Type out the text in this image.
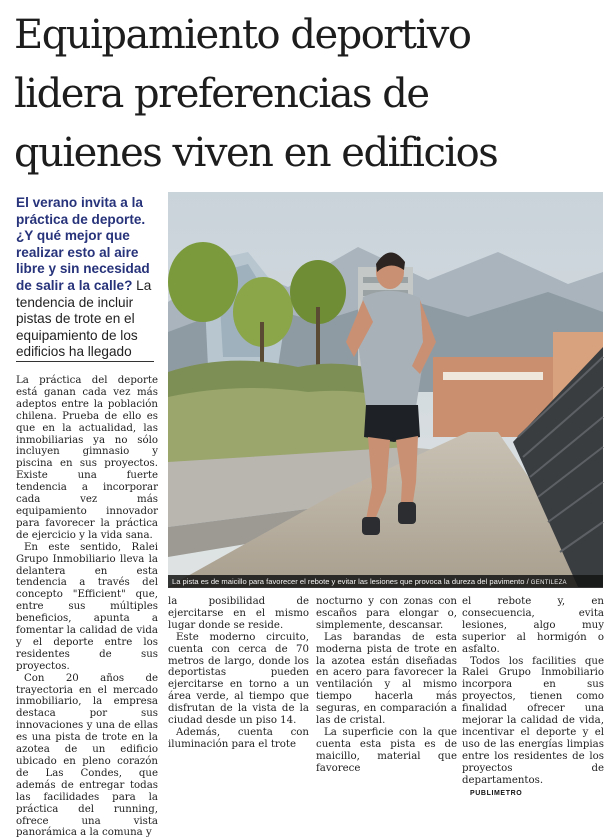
Equipamiento deportivo
lidera preferencias de
quienes viven en edificios
El verano invita a la práctica de deporte. ¿Y qué mejor que realizar esto al aire libre y sin necesidad de salir a la calle? La tendencia de incluir pistas de trote en el equipamiento de los edificios ha llegado
La pista es de maicillo para favorecer el rebote y evitar las lesiones que provoca la dureza del pavimento / GENTILEZA

La práctica del deporte está ganan cada vez más adeptos entre la población chilena. Prueba de ello es que en la actualidad, las inmobiliarias ya no sólo incluyen gimnasio y piscina en sus proyectos. Existe una fuerte tendencia a incorporar cada vez más equipamiento innovador para favorecer la práctica de ejercicio y la vida sana.

En este sentido, Ralei Grupo Inmobiliario lleva la delantera en esta tendencia a través del concepto "Efficient" que, entre sus múltiples beneficios, apunta a fomentar la calidad de vida y el deporte entre los residentes de sus proyectos.

Con 20 años de trayectoria en el mercado inmobiliario, la empresa destaca por sus innovaciones y una de ellas es una pista de trote en la azotea de un edificio ubicado en pleno corazón de Las Condes, que además de entregar todas las facilidades para la práctica del running, ofrece una vista panorámica a la comuna y

la posibilidad de ejercitarse en el mismo lugar donde se reside.

Este moderno circuito, cuenta con cerca de 70 metros de largo, donde los deportistas pueden ejercitarse en torno a un área verde, al tiempo que disfrutan de la vista de la ciudad desde un piso 14.

Además, cuenta con iluminación para el trote

nocturno y con zonas con escaños para elongar o, simplemente, descansar.

Las barandas de esta moderna pista de trote en la azotea están diseñadas en acero para favorecer la ventilación y al mismo tiempo hacerla más seguras, en comparación a las de cristal.

La superficie con la que cuenta esta pista es de maicillo, material que favorece

el rebote y, en consecuencia, evita lesiones, algo muy superior al hormigón o asfalto.

Todos los facilities que Ralei Grupo Inmobiliario incorpora en sus proyectos, tienen como finalidad ofrecer una mejorar la calidad de vida, incentivar el deporte y el uso de las energías limpias entre los residentes de los proyectos de departamentos.

PUBLIMETRO
